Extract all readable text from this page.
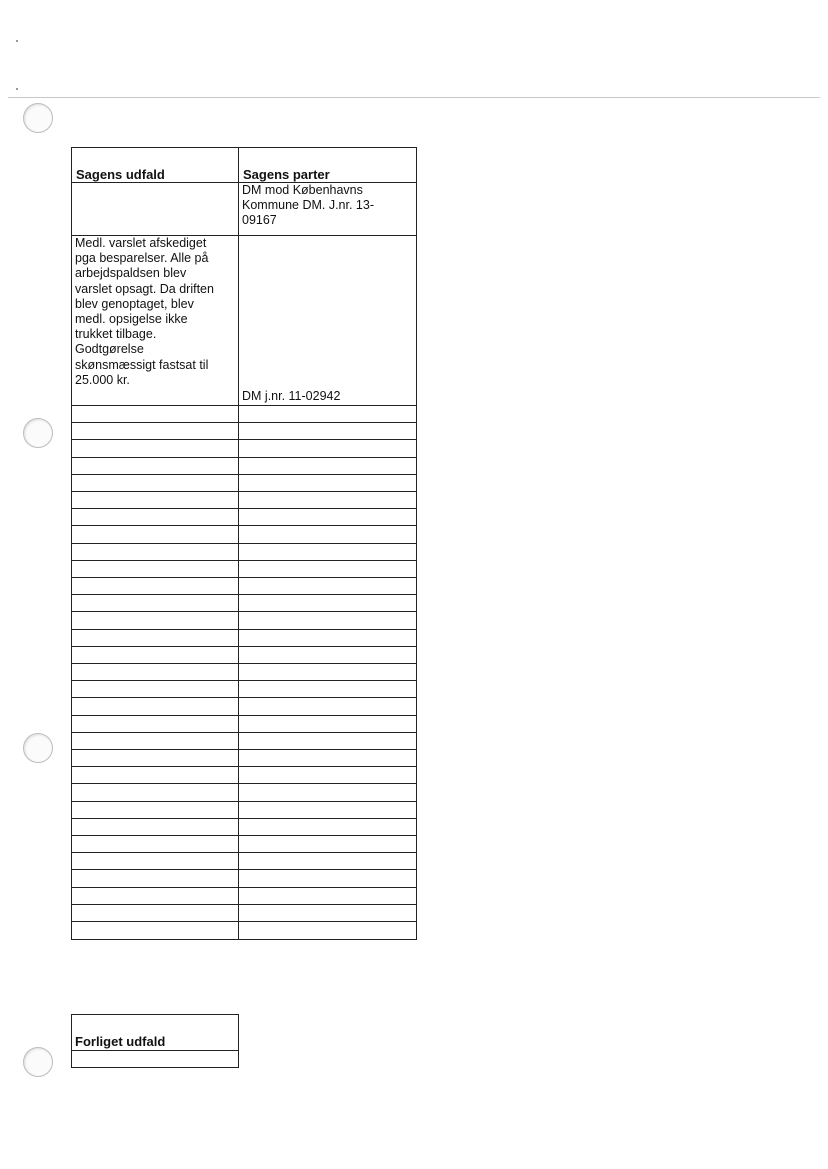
Sagens udfald	Sagens parter
DM mod Københavns
Kommune DM. J.nr. 13-
09167
Medl. varslet afskediget
pga besparelser. Alle på
arbejdspaldsen blev
varslet opsagt. Da driften
blev genoptaget, blev
medl. opsigelse ikke
trukket tilbage.
Godtgørelse
skønsmæssigt fastsat til
25.000 kr.
DM j.nr. 11-02942
Forliget udfald
